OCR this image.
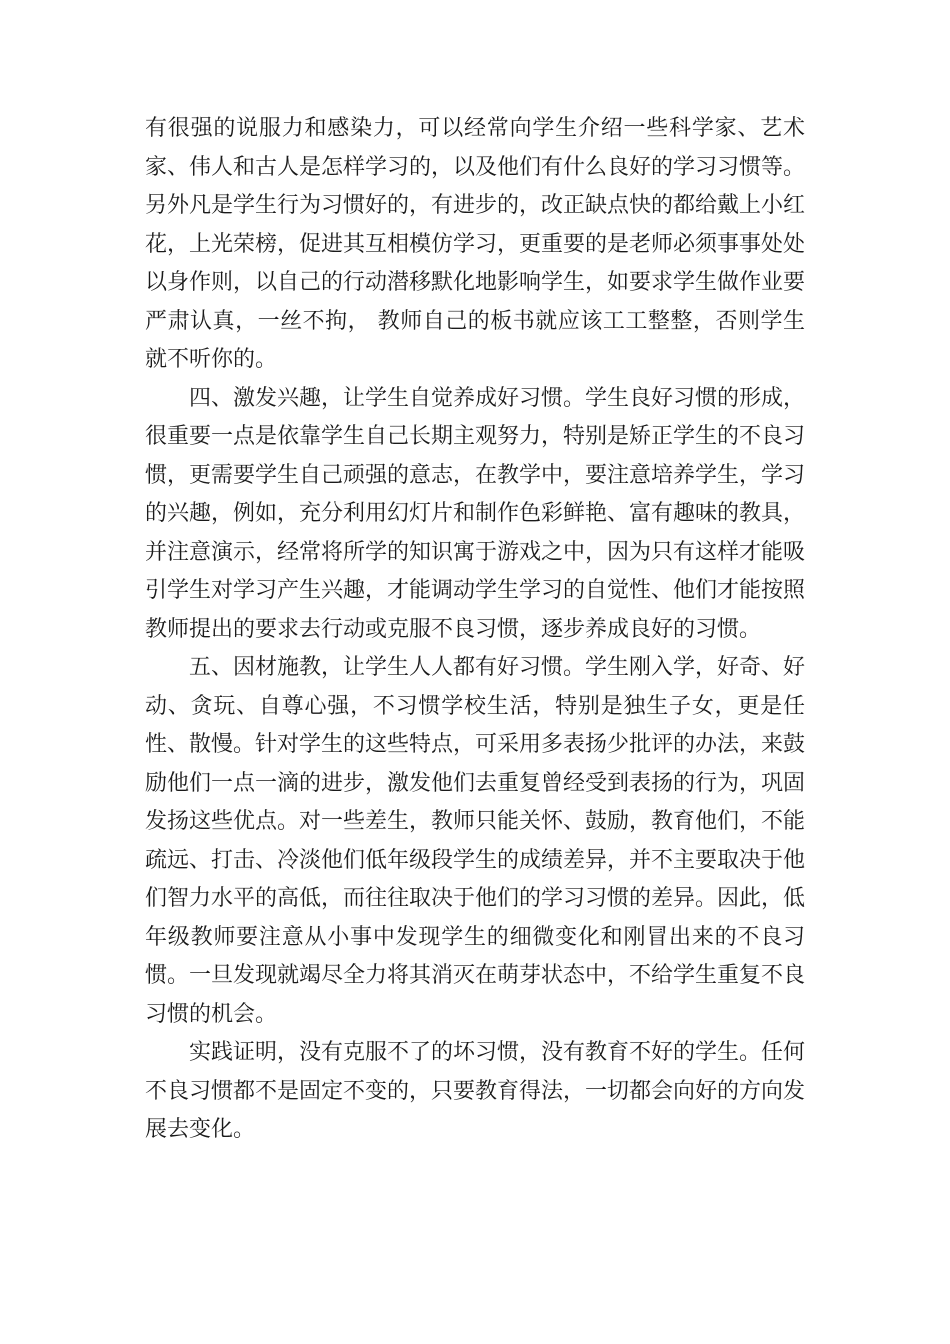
有很强的说服力和感染力，可以经常向学生介绍一些科学家、艺术家、伟人和古人是怎样学习的，以及他们有什么良好的学习习惯等。另外凡是学生行为习惯好的，有进步的，改正缺点快的都给戴上小红花，上光荣榜，促进其互相模仿学习，更重要的是老师必须事事处处以身作则，以自己的行动潜移默化地影响学生，如要求学生做作业要严肃认真，一丝不拘， 教师自己的板书就应该工工整整，否则学生就不听你的。

四、激发兴趣，让学生自觉养成好习惯。学生良好习惯的形成，很重要一点是依靠学生自己长期主观努力，特别是矫正学生的不良习惯，更需要学生自己顽强的意志，在教学中，要注意培养学生，学习的兴趣，例如，充分利用幻灯片和制作色彩鲜艳、富有趣味的教具，并注意演示，经常将所学的知识寓于游戏之中，因为只有这样才能吸引学生对学习产生兴趣，才能调动学生学习的自觉性、他们才能按照教师提出的要求去行动或克服不良习惯，逐步养成良好的习惯。

五、因材施教，让学生人人都有好习惯。学生刚入学，好奇、好动、贪玩、自尊心强，不习惯学校生活，特别是独生子女，更是任性、散慢。针对学生的这些特点，可采用多表扬少批评的办法，来鼓励他们一点一滴的进步，激发他们去重复曾经受到表扬的行为，巩固发扬这些优点。对一些差生，教师只能关怀、鼓励，教育他们，不能疏远、打击、冷淡他们低年级段学生的成绩差异，并不主要取决于他们智力水平的高低，而往往取决于他们的学习习惯的差异。因此，低年级教师要注意从小事中发现学生的细微变化和刚冒出来的不良习惯。一旦发现就竭尽全力将其消灭在萌芽状态中，不给学生重复不良习惯的机会。

实践证明，没有克服不了的坏习惯，没有教育不好的学生。任何不良习惯都不是固定不变的，只要教育得法，一切都会向好的方向发展去变化。
